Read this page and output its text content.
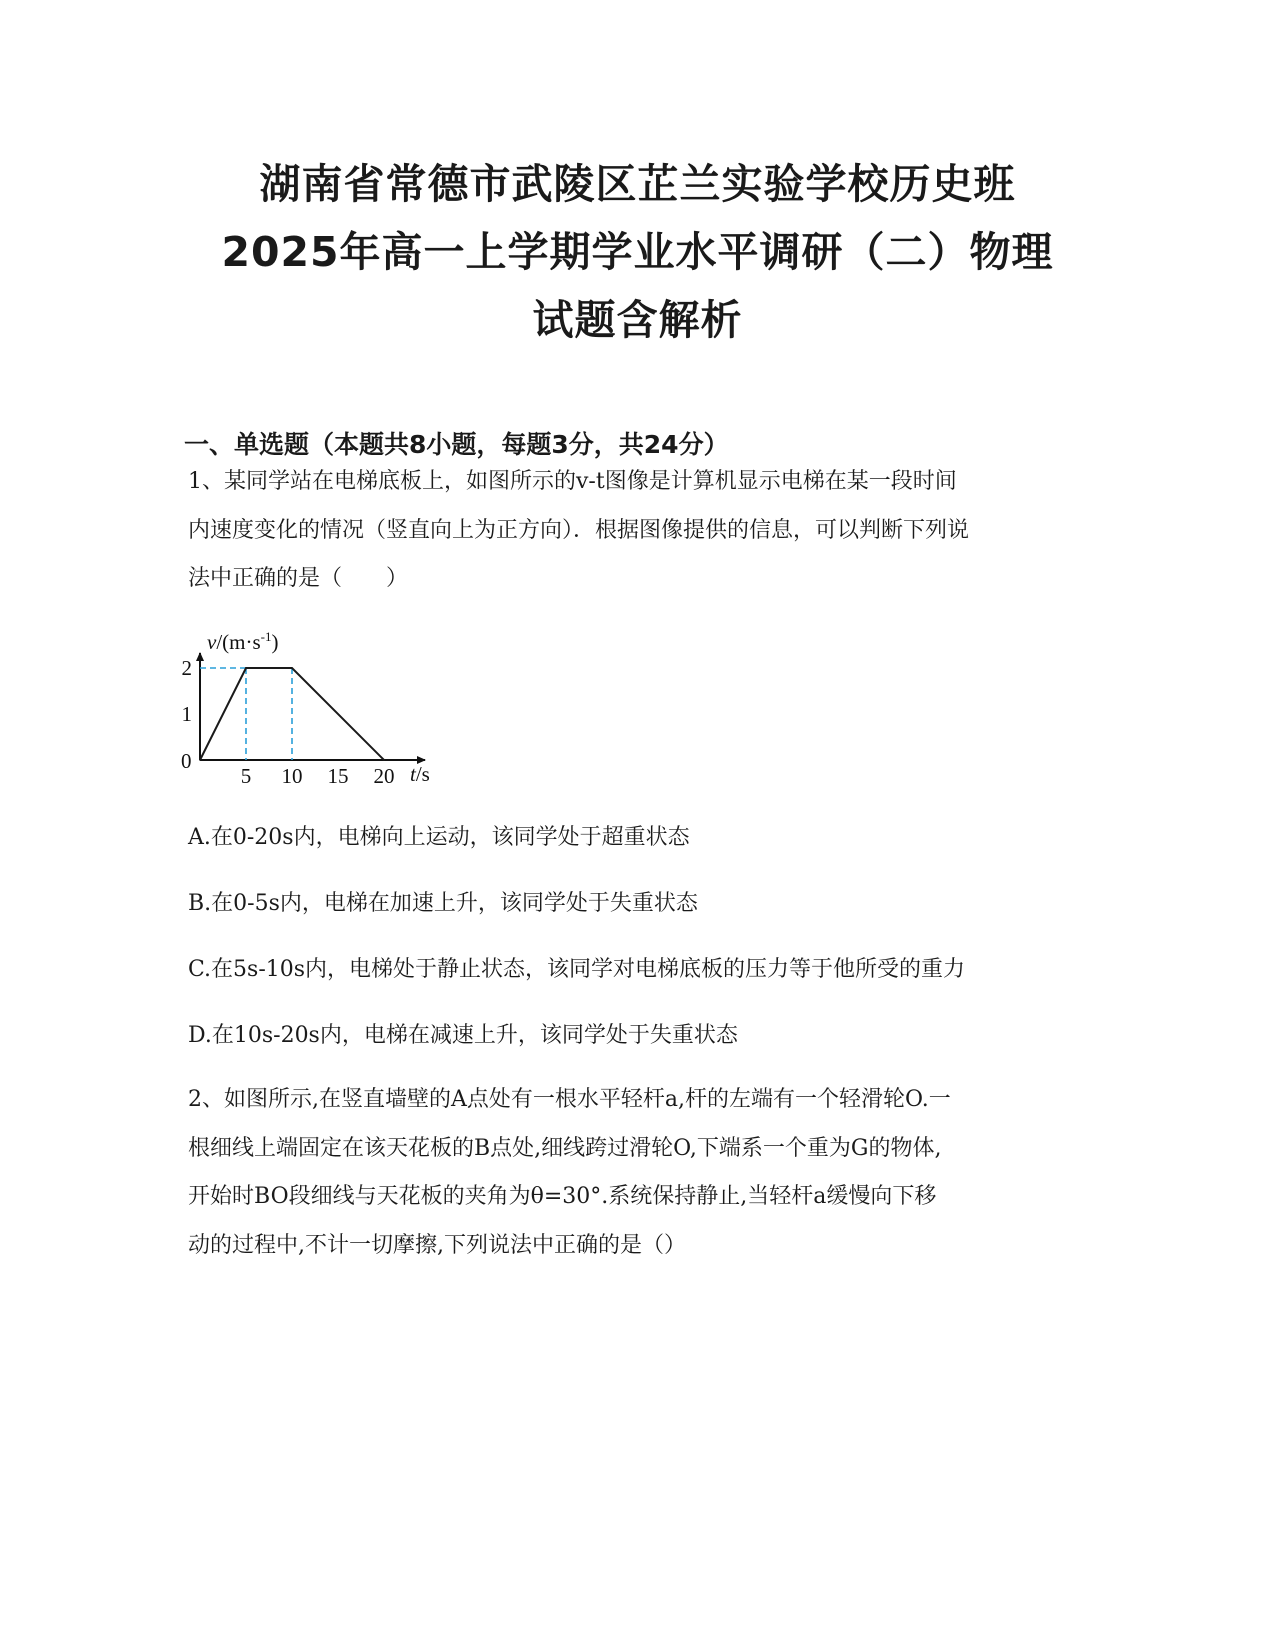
湖南省常德市武陵区芷兰实验学校历史班
2025年高一上学期学业水平调研（二）物理
试题含解析
一、单选题（本题共8小题，每题3分，共24分）
1、某同学站在电梯底板上，如图所示的v-t图像是计算机显示电梯在某一段时间
内速度变化的情况（竖直向上为正方向）．根据图像提供的信息，可以判断下列说
法中正确的是（　　）
5 10 15 20
1
2
0
$v/(m\cdot s^{-1})$
t/s
A.在0-20s内，电梯向上运动，该同学处于超重状态
B.在0-5s内，电梯在加速上升，该同学处于失重状态
C.在5s-10s内，电梯处于静止状态，该同学对电梯底板的压力等于他所受的重力
D.在10s-20s内，电梯在减速上升，该同学处于失重状态
2、如图所示,在竖直墙壁的A点处有一根水平轻杆a,杆的左端有一个轻滑轮O.一
根细线上端固定在该天花板的B点处,细线跨过滑轮O,下端系一个重为G的物体,
开始时BO段细线与天花板的夹角为θ=30°.系统保持静止,当轻杆a缓慢向下移
动的过程中,不计一切摩擦,下列说法中正确的是（）
